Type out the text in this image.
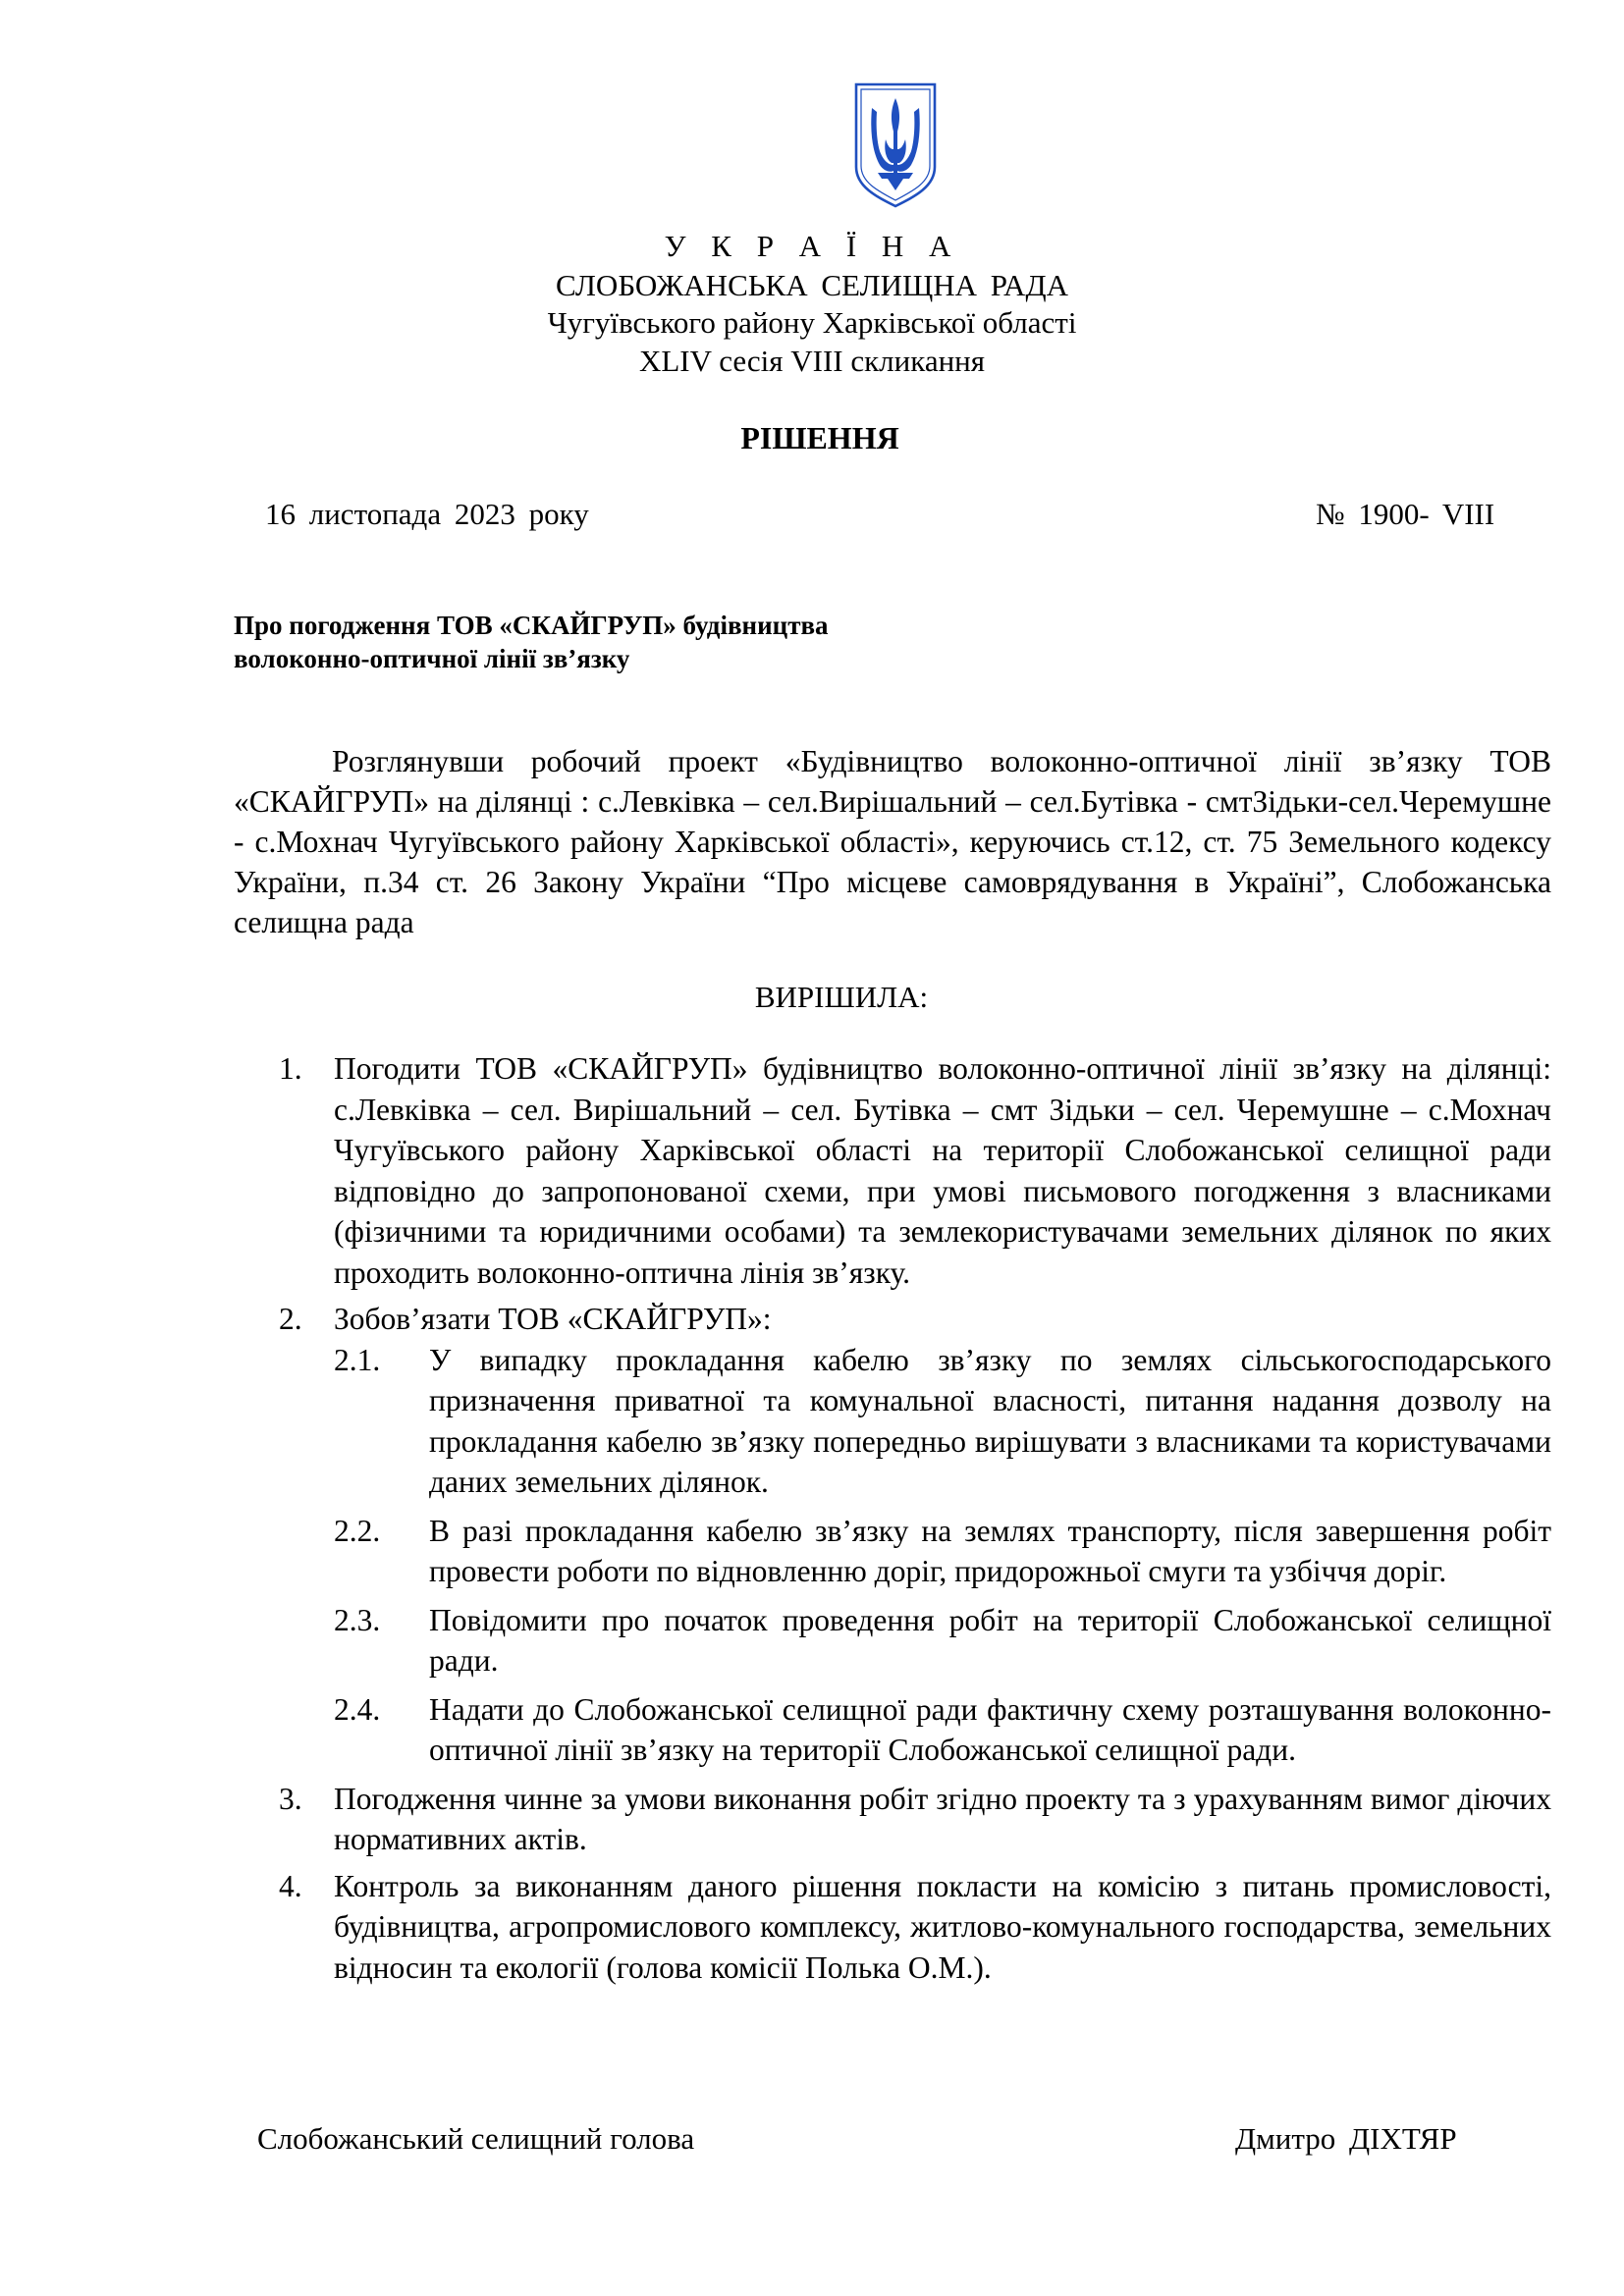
У К Р А Ї Н А

СЛОБОЖАНСЬКА СЕЛИЩНА РАДА

Чугуївського району Харківської області

XLIV сесія VIII скликання

РІШЕННЯ

16 листопада 2023 року	№ 1900- VIII

Про погодження ТОВ «СКАЙГРУП» будівництва
волоконно-оптичної лінії зв’язку

Розглянувши робочий проект «Будівництво волоконно-оптичної лінії зв’язку ТОВ «СКАЙГРУП» на ділянці : с.Левківка – сел.Вирішальний – сел.Бутівка - смтЗідьки-сел.Черемушне - с.Мохнач Чугуївського району Харківської області», керуючись ст.12, ст. 75 Земельного кодексу України, п.34 ст. 26 Закону України “Про місцеве самоврядування в Україні”, Слобожанська селищна рада

ВИРІШИЛА:

1. Погодити ТОВ «СКАЙГРУП» будівництво волоконно-оптичної лінії зв’язку на ділянці: с.Левківка – сел. Вирішальний – сел. Бутівка – смт Зідьки – сел. Черемушне – с.Мохнач Чугуївського району Харківської області на території Слобожанської селищної ради відповідно до запропонованої схеми, при умові письмового погодження з власниками (фізичними та юридичними особами) та землекористувачами земельних ділянок по яких проходить волоконно-оптична лінія зв’язку.
2. Зобов’язати ТОВ «СКАЙГРУП»:
2.1. У випадку прокладання кабелю зв’язку по землях сільськогосподарського призначення приватної та комунальної власності, питання надання дозволу на прокладання кабелю зв’язку попередньо вирішувати з власниками та користувачами даних земельних ділянок.
2.2. В разі прокладання кабелю зв’язку на землях транспорту, після завершення робіт провести роботи по відновленню доріг, придорожньої смуги та узбіччя доріг.
2.3. Повідомити про початок проведення робіт на території Слобожанської селищної ради.
2.4. Надати до Слобожанської селищної ради фактичну схему розташування волоконно-оптичної лінії зв’язку на території Слобожанської селищної ради.
3. Погодження чинне за умови виконання робіт згідно проекту та з урахуванням вимог діючих нормативних актів.
4. Контроль за виконанням даного рішення покласти на комісію з питань промисловості, будівництва, агропромислового комплексу, житлово-комунального господарства, земельних відносин та екології (голова комісії Полька О.М.).

Слобожанський селищний голова	Дмитро ДІХТЯР
